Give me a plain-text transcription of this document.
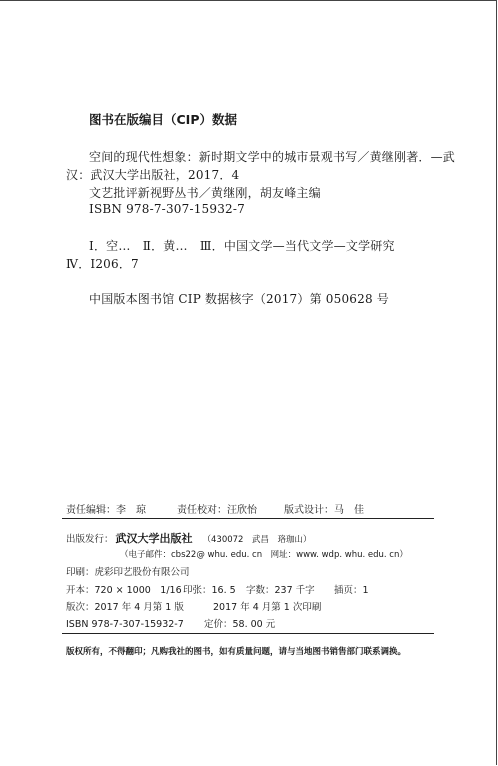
图书在版编目（CIP）数据
空间的现代性想象：新时期文学中的城市景观书写／黄继刚著．—武
汉：武汉大学出版社，2017．4
文艺批评新视野丛书／黄继刚，胡友峰主编
ISBN 978-7-307-15932-7
Ⅰ．空…　Ⅱ．黄…　Ⅲ．中国文学—当代文学—文学研究
Ⅳ．I206．7
中国版本图书馆 CIP 数据核字（2017）第 050628 号
责任编辑：李　琼	责任校对：汪欣怡	版式设计：马　佳
出版发行： 武汉大学出版社 （430072　武昌　珞珈山）
（电子邮件：cbs22@ whu. edu. cn　网址：www. wdp. whu. edu. cn）
印刷：虎彩印艺股份有限公司
开本：720 × 1000　1/16印张：16. 5 字数：237 千字 插页：1
版次：2017 年 4 月第 1 版	2017 年 4 月第 1 次印刷
ISBN 978-7-307-15932-7 定价：58. 00 元
版权所有，不得翻印；凡购我社的图书，如有质量问题，请与当地图书销售部门联系调换。
